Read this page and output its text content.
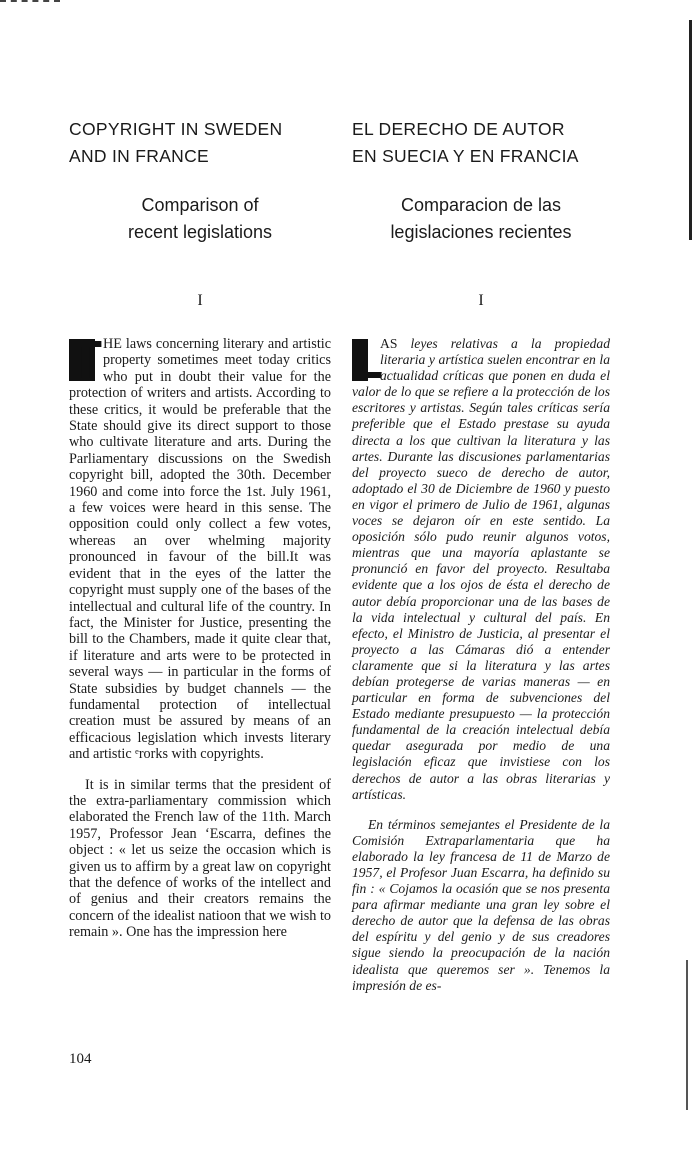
COPYRIGHT IN SWEDEN
AND IN FRANCE
Comparison of
recent legislations
I

T HE laws concerning literary and artistic property sometimes meet today critics who put in doubt their value for the protection of writers and artists. According to these critics, it would be preferable that the State should give its direct support to those who cultivate literature and arts. During the Parliamentary discussions on the Swedish copyright bill, adopted the 30th. December 1960 and come into force the 1st. July 1961, a few voices were heard in this sense. The opposition could only collect a few votes, whereas an over whelming majority pronounced in favour of the bill.It was evident that in the eyes of the latter the copyright must supply one of the bases of the intellectual and cultural life of the country. In fact, the Minister for Justice, presenting the bill to the Chambers, made it quite clear that, if literature and arts were to be protected in several ways — in particular in the forms of State subsidies by budget channels — the fundamental protection of intellectual creation must be assured by means of an efficacious legislation which invests literary and artistic ᵉrorks with copyrights.

It is in similar terms that the president of the extra-parliamentary commission which elaborated the French law of the 11th. March 1957, Professor Jean ‘Escarra, defines the object : « let us seize the occasion which is given us to affirm by a great law on copyright that the defence of works of the intellect and of genius and their creators remains the concern of the idealist natioon that we wish to remain ». One has the impression here

EL DERECHO DE AUTOR
EN SUECIA Y EN FRANCIA
Comparacion de las
legislaciones recientes
I

L
AS leyes relativas a la propiedad literaria y artística suelen encontrar en la actualidad críticas que ponen en duda el valor de lo que se refiere a la protección de los escritores y artistas. Según tales críticas sería preferible que el Estado prestase su ayuda directa a los que cultivan la literatura y las artes. Durante las discusiones parlamentarias del proyecto sueco de derecho de autor, adoptado el 30 de Diciembre de 1960 y puesto en vigor el primero de Julio de 1961, algunas voces se dejaron oír en este sentido. La oposición sólo pudo reunir algunos votos, mientras que una mayoría aplastante se pronunció en favor del proyecto. Resultaba evidente que a los ojos de ésta el derecho de autor debía proporcionar una de las bases de la vida intelectual y cultural del país. En efecto, el Ministro de Justicia, al presentar el proyecto a las Cámaras dió a entender claramente que si la literatura y las artes debían protegerse de varias maneras — en particular en forma de subvenciones del Estado mediante presupuesto — la protección fundamental de la creación intelectual debía quedar asegurada por medio de una legislación eficaz que invistiese con los derechos de autor a las obras literarias y artísticas.

En términos semejantes el Presidente de la Comisión Extraparlamentaria que ha elaborado la ley francesa de 11 de Marzo de 1957, el Profesor Juan Escarra, ha definido su fin : « Cojamos la ocasión que se nos presenta para afirmar mediante una gran ley sobre el derecho de autor que la defensa de las obras del espíritu y del genio y de sus creadores sigue siendo la preocupación de la nación idealista que queremos ser ». Tenemos la impresión de es-

104
